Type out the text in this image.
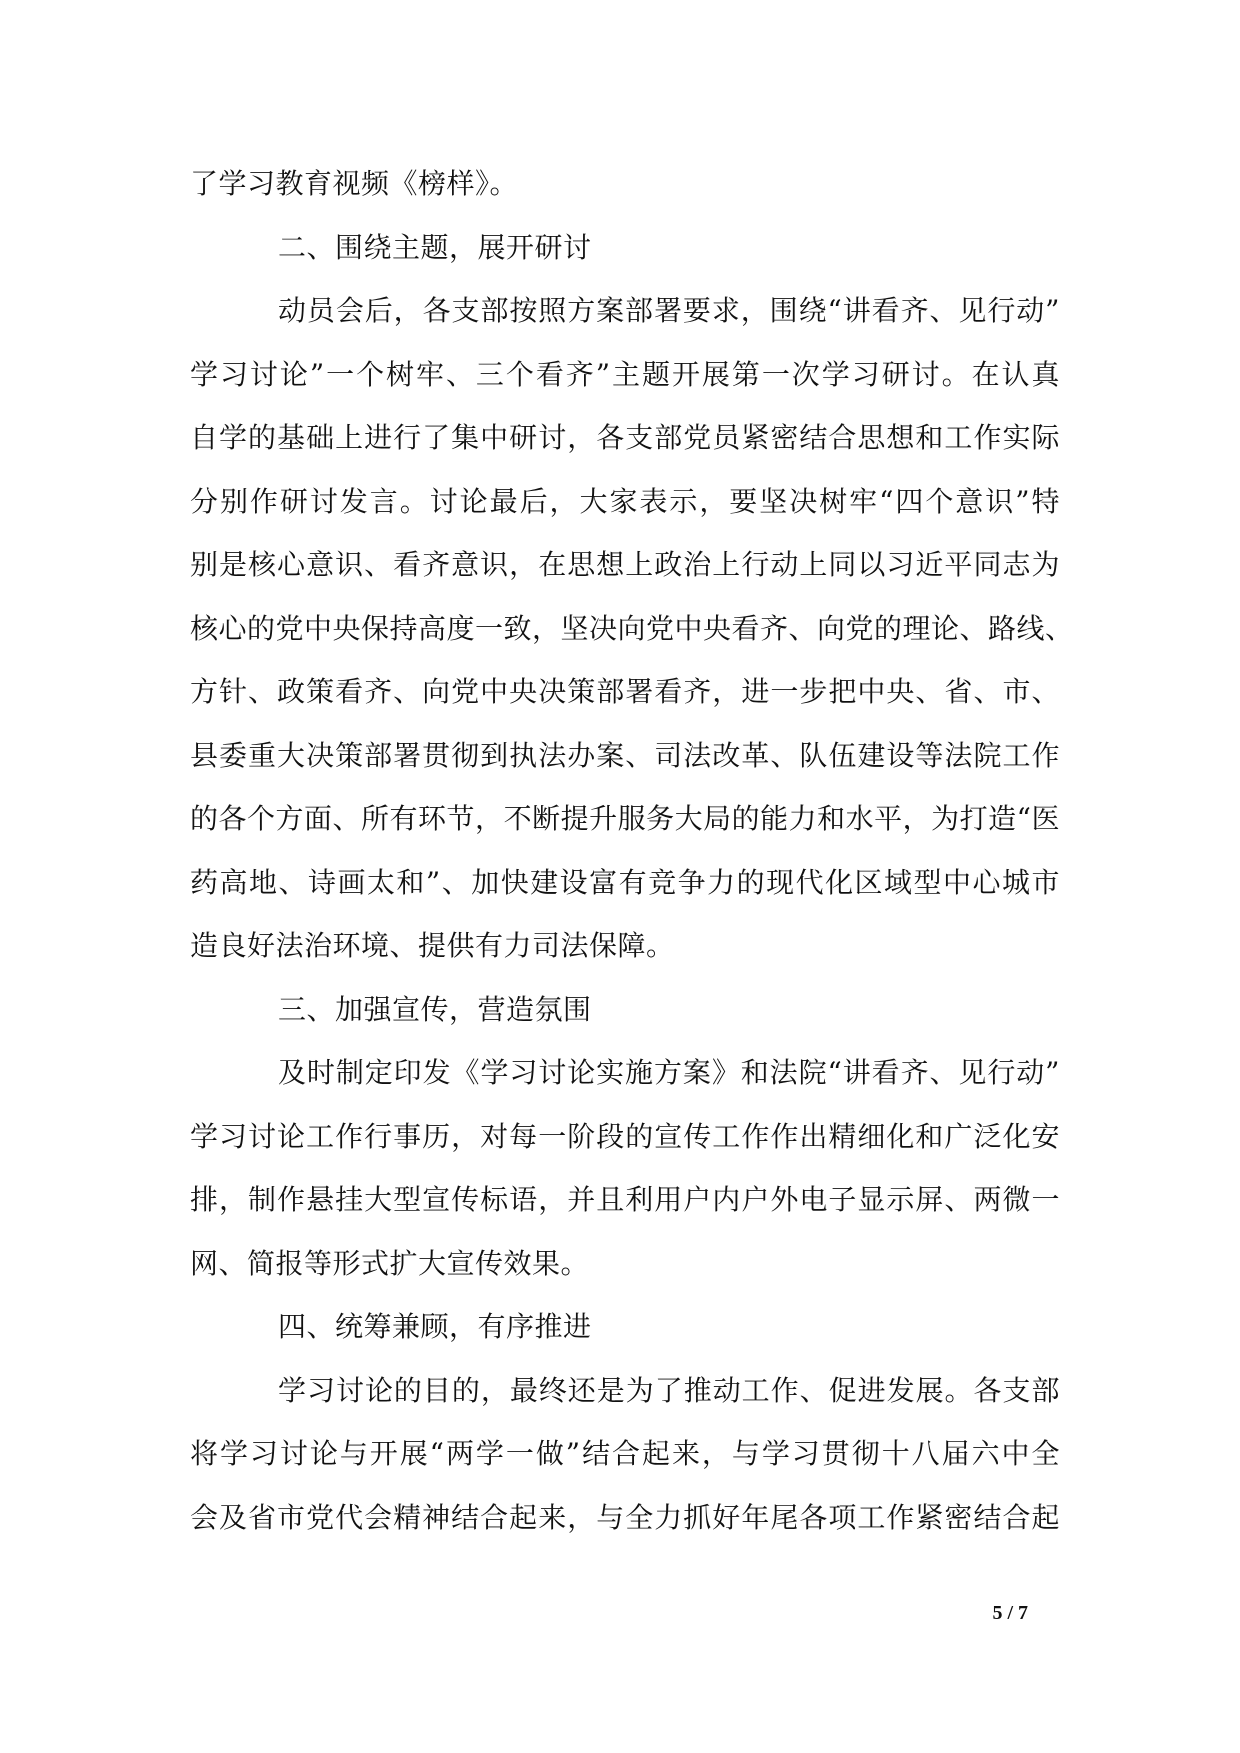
了学习教育视频《榜样》。
二、围绕主题，展开研讨
动员会后，各支部按照方案部署要求，围绕“讲看齐、见行动”
学习讨论”一个树牢、三个看齐”主题开展第一次学习研讨。在认真
自学的基础上进行了集中研讨，各支部党员紧密结合思想和工作实际
分别作研讨发言。讨论最后，大家表示，要坚决树牢“四个意识”特
别是核心意识、看齐意识，在思想上政治上行动上同以习近平同志为
核心的党中央保持高度一致，坚决向党中央看齐、向党的理论、路线、
方针、政策看齐、向党中央决策部署看齐，进一步把中央、省、市、
县委重大决策部署贯彻到执法办案、司法改革、队伍建设等法院工作
的各个方面、所有环节，不断提升服务大局的能力和水平，为打造“医
药高地、诗画太和”、加快建设富有竞争力的现代化区域型中心城市
造良好法治环境、提供有力司法保障。
三、加强宣传，营造氛围
及时制定印发《学习讨论实施方案》和法院“讲看齐、见行动”
学习讨论工作行事历，对每一阶段的宣传工作作出精细化和广泛化安
排，制作悬挂大型宣传标语，并且利用户内户外电子显示屏、两微一
网、简报等形式扩大宣传效果。
四、统筹兼顾，有序推进
学习讨论的目的，最终还是为了推动工作、促进发展。各支部
将学习讨论与开展“两学一做”结合起来，与学习贯彻十八届六中全
会及省市党代会精神结合起来，与全力抓好年尾各项工作紧密结合起
5 / 7
